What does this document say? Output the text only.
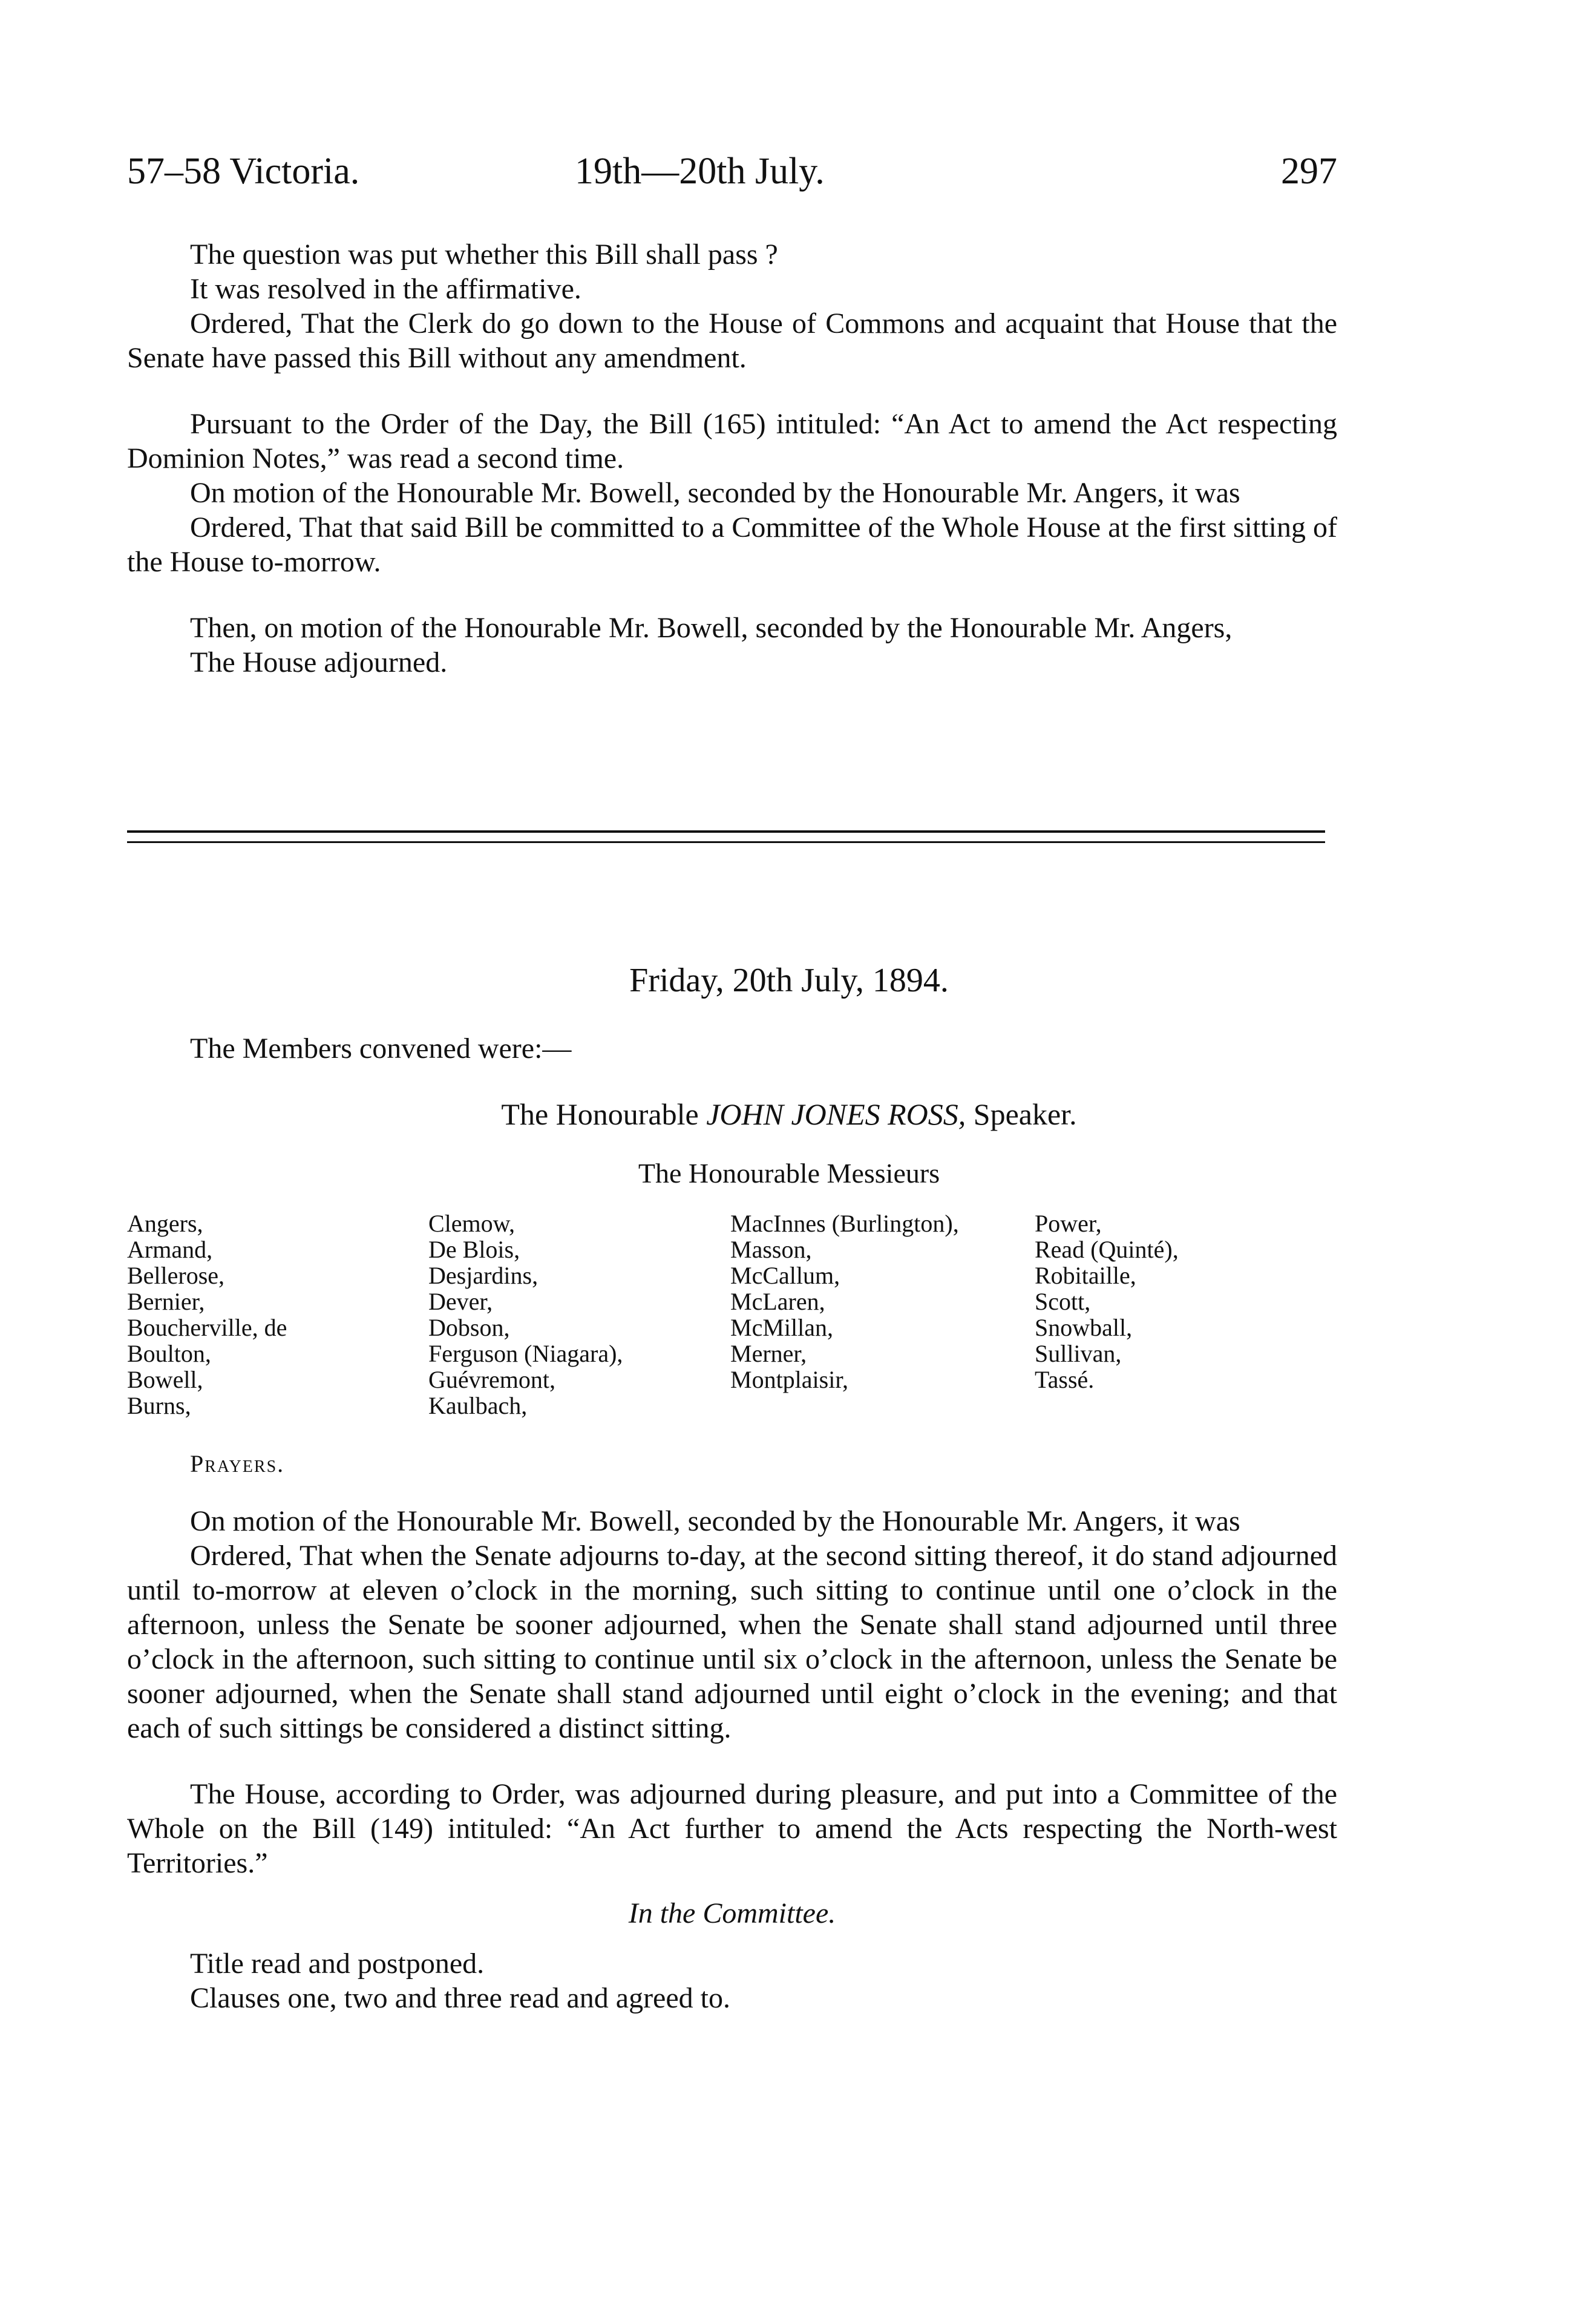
57–58 Victoria.	19th—20th July.	297

The question was put whether this Bill shall pass ?

It was resolved in the affirmative.

Ordered, That the Clerk do go down to the House of Commons and acquaint that House that the Senate have passed this Bill without any amendment.

Pursuant to the Order of the Day, the Bill (165) intituled: “An Act to amend the Act respecting Dominion Notes,” was read a second time.

On motion of the Honourable Mr. Bowell, seconded by the Honourable Mr. Angers, it was

Ordered, That that said Bill be committed to a Committee of the Whole House at the first sitting of the House to-morrow.

Then, on motion of the Honourable Mr. Bowell, seconded by the Honourable Mr. Angers,

The House adjourned.

Friday, 20th July, 1894.
The Members convened were:—
The Honourable JOHN JONES ROSS, Speaker.
The Honourable Messieurs
Angers,
Armand,
Bellerose,
Bernier,
Boucherville, de
Boulton,
Bowell,
Burns,
Clemow,
De Blois,
Desjardins,
Dever,
Dobson,
Ferguson (Niagara),
Guévremont,
Kaulbach,
MacInnes (Burlington),
Masson,
McCallum,
McLaren,
McMillan,
Merner,
Montplaisir,
Power,
Read (Quinté),
Robitaille,
Scott,
Snowball,
Sullivan,
Tassé.
Prayers.

On motion of the Honourable Mr. Bowell, seconded by the Honourable Mr. Angers, it was

Ordered, That when the Senate adjourns to-day, at the second sitting thereof, it do stand adjourned until to-morrow at eleven o’clock in the morning, such sitting to continue until one o’clock in the afternoon, unless the Senate be sooner adjourned, when the Senate shall stand adjourned until three o’clock in the afternoon, such sitting to continue until six o’clock in the afternoon, unless the Senate be sooner adjourned, when the Senate shall stand adjourned until eight o’clock in the evening; and that each of such sittings be considered a distinct sitting.

The House, according to Order, was adjourned during pleasure, and put into a Committee of the Whole on the Bill (149) intituled: “An Act further to amend the Acts respecting the North-west Territories.”

In the Committee.

Title read and postponed.

Clauses one, two and three read and agreed to.
